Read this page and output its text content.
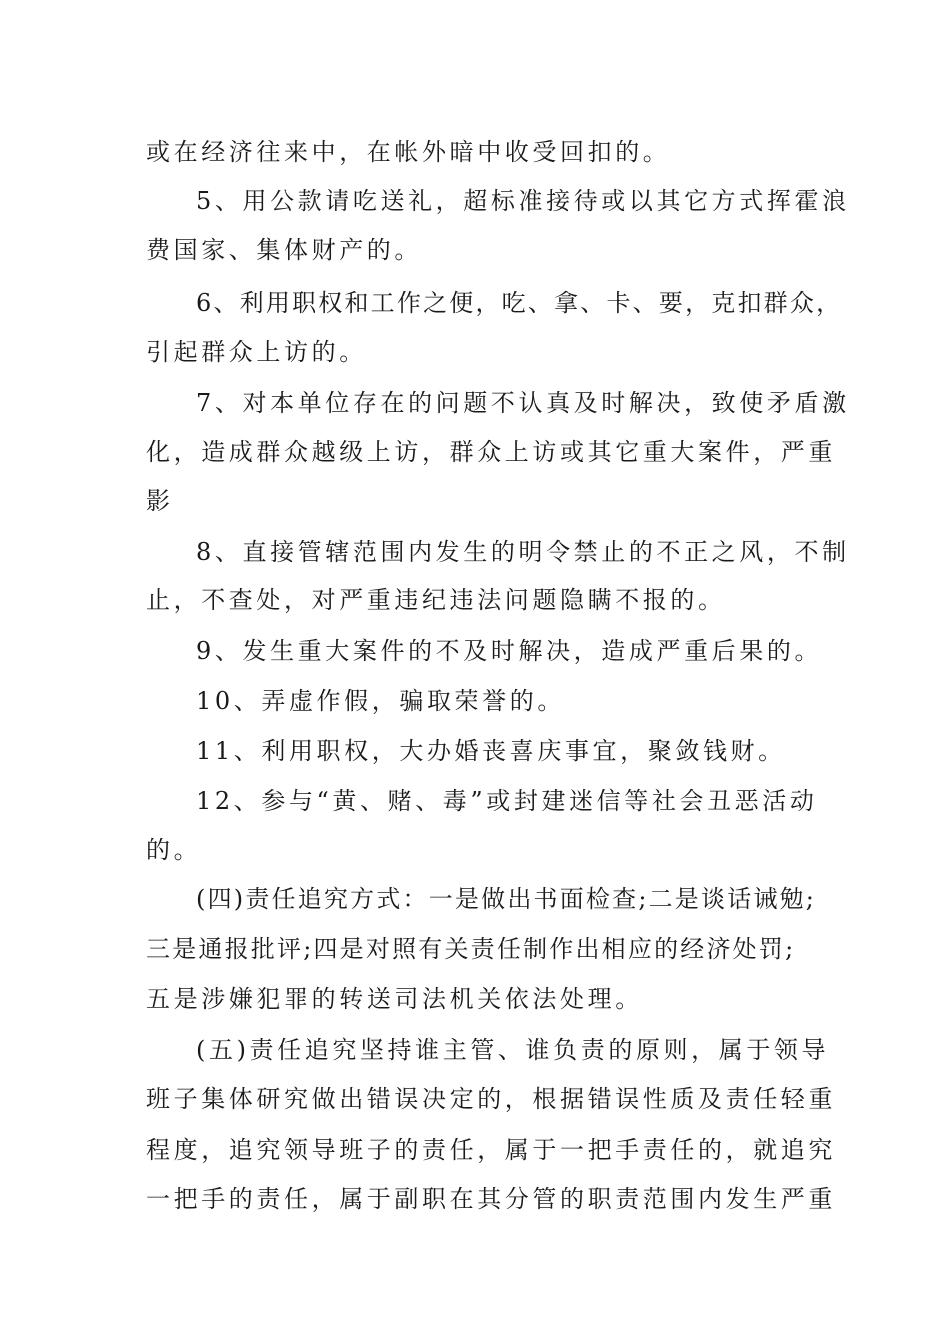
或在经济往来中，在帐外暗中收受回扣的。

5、用公款请吃送礼，超标准接待或以其它方式挥霍浪

费国家、集体财产的。

6、利用职权和工作之便，吃、拿、卡、要，克扣群众，

引起群众上访的。

7、对本单位存在的问题不认真及时解决，致使矛盾激

化，造成群众越级上访，群众上访或其它重大案件，严重

影

8、直接管辖范围内发生的明令禁止的不正之风，不制

止，不查处，对严重违纪违法问题隐瞒不报的。

9、发生重大案件的不及时解决，造成严重后果的。

10、弄虚作假，骗取荣誉的。

11、利用职权，大办婚丧喜庆事宜，聚敛钱财。

12、参与“黄、赌、毒”或封建迷信等社会丑恶活动

的。

(四)责任追究方式：一是做出书面检查;二是谈话诫勉;

三是通报批评;四是对照有关责任制作出相应的经济处罚;

五是涉嫌犯罪的转送司法机关依法处理。

(五)责任追究坚持谁主管、谁负责的原则，属于领导

班子集体研究做出错误决定的，根据错误性质及责任轻重

程度，追究领导班子的责任，属于一把手责任的，就追究

一把手的责任，属于副职在其分管的职责范围内发生严重
